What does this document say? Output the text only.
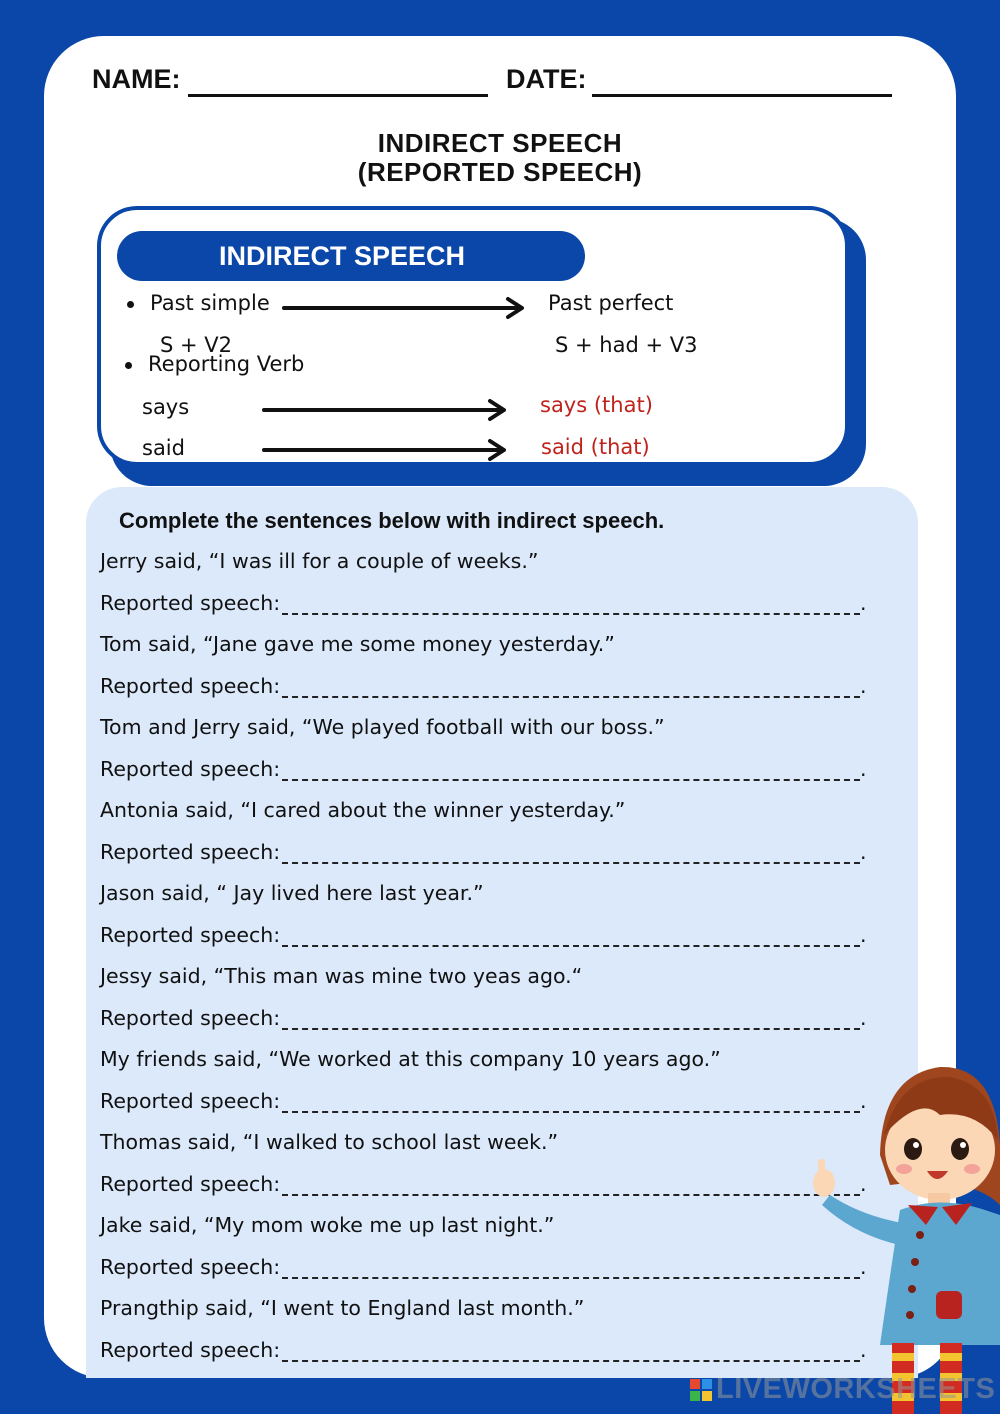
NAME:	DATE:
INDIRECT SPEECH
(REPORTED SPEECH)
INDIRECT SPEECH
Past simple	Past perfect
S + V2	S + had + V3
Reporting Verb
says	says (that)
said	said (that)
Complete the sentences below with indirect speech.
Jerry said, “I was ill for a couple of weeks.”
Reported speech:	.
Tom said, “Jane gave me some money yesterday.”
Reported speech:	.
Tom and Jerry said, “We played football with our boss.”
Reported speech:	.
Antonia said, “I cared about the winner yesterday.”
Reported speech:	.
Jason said, “ Jay lived here last year.”
Reported speech:	.
Jessy said, “This man was mine two yeas ago.“
Reported speech:	.
My friends said, “We worked at this company 10 years ago.”
Reported speech:	.
Thomas said, “I walked to school last week.”
Reported speech:	.
Jake said, “My mom woke me up last night.”
Reported speech:	.
Prangthip said, “I went to England last month.”
Reported speech:	.
LIVEWORKSHEETS
